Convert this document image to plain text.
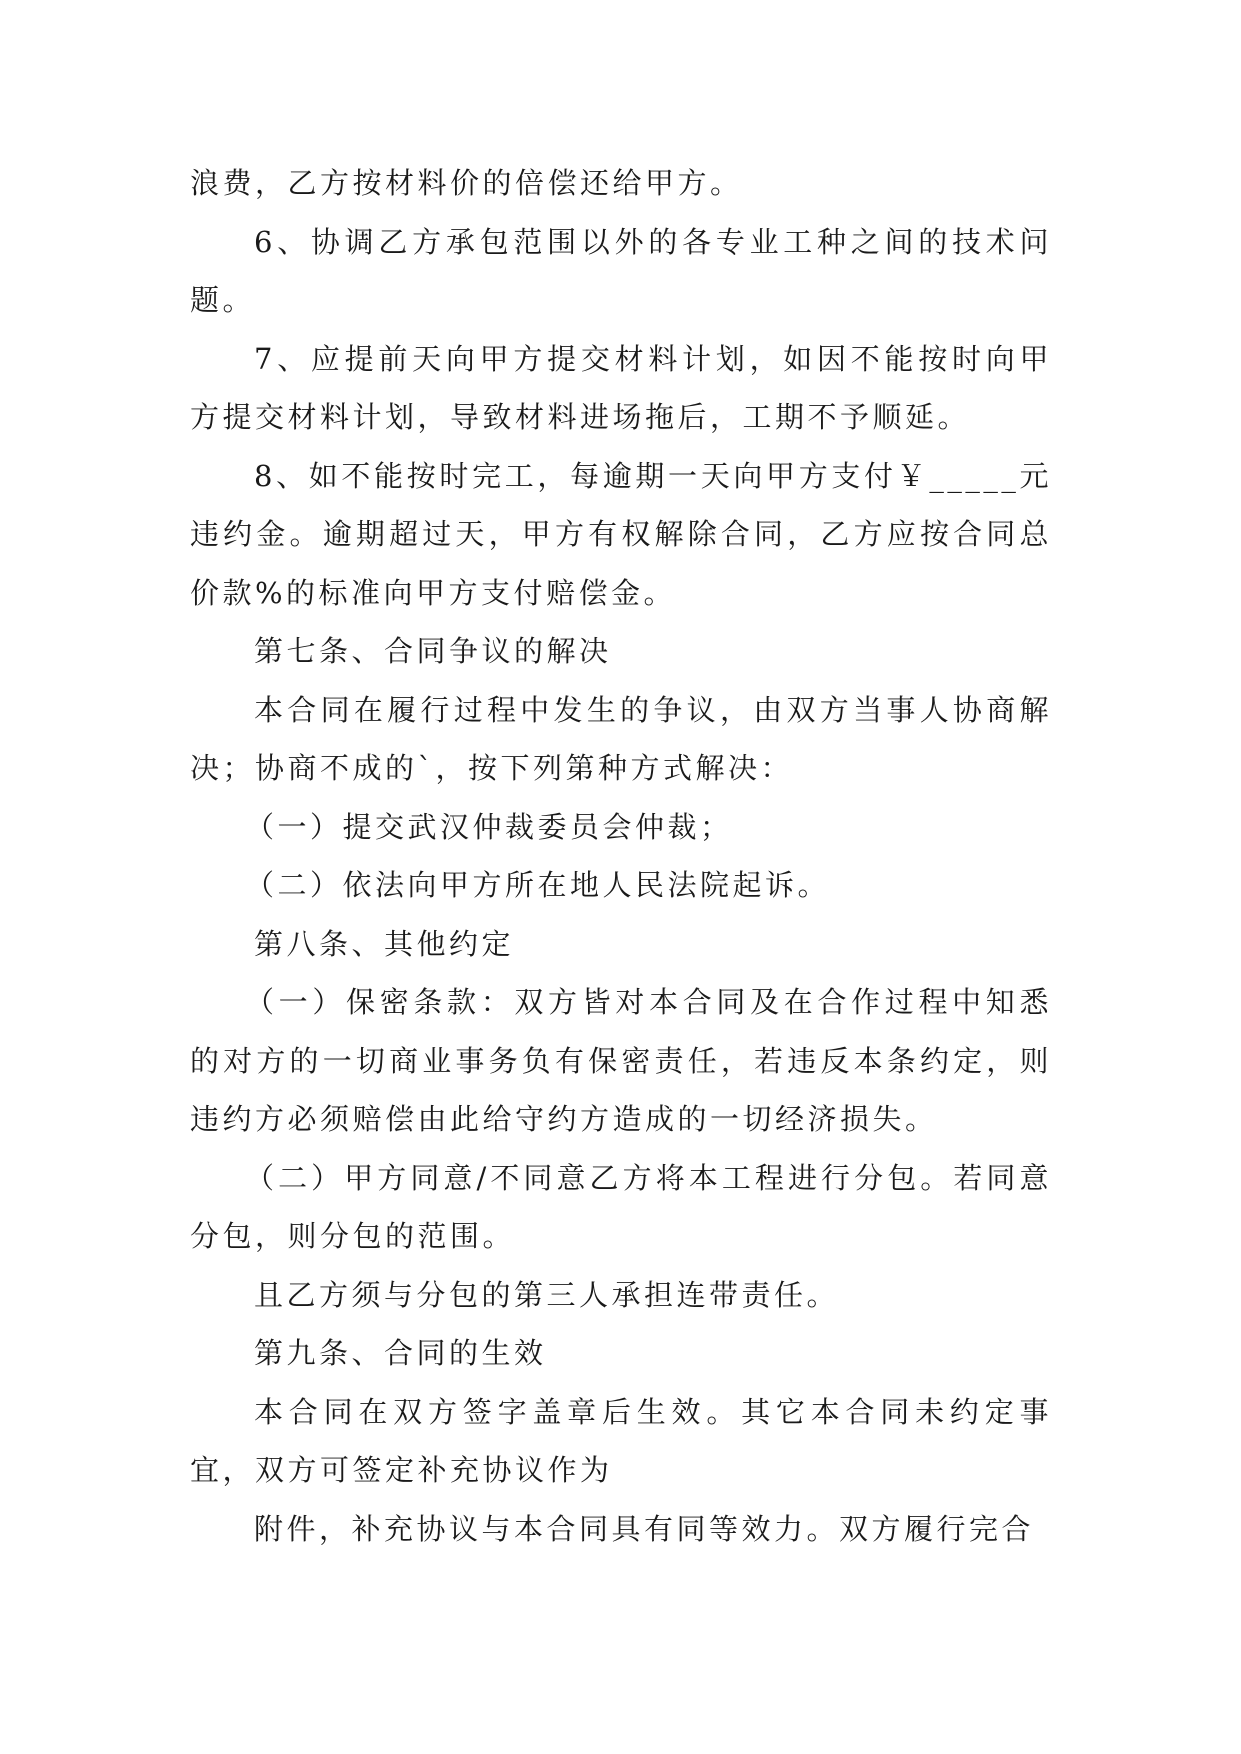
浪费，乙方按材料价的倍偿还给甲方。

6、协调乙方承包范围以外的各专业工种之间的技术问题。

7、应提前天向甲方提交材料计划，如因不能按时向甲方提交材料计划，导致材料进场拖后，工期不予顺延。

8、如不能按时完工，每逾期一天向甲方支付￥_____元违约金。逾期超过天，甲方有权解除合同，乙方应按合同总价款%的标准向甲方支付赔偿金。

第七条、合同争议的解决

本合同在履行过程中发生的争议，由双方当事人协商解决；协商不成的`，按下列第种方式解决：

（一）提交武汉仲裁委员会仲裁；

（二）依法向甲方所在地人民法院起诉。

第八条、其他约定

（一）保密条款：双方皆对本合同及在合作过程中知悉的对方的一切商业事务负有保密责任，若违反本条约定，则违约方必须赔偿由此给守约方造成的一切经济损失。

（二）甲方同意/不同意乙方将本工程进行分包。若同意分包，则分包的范围。

且乙方须与分包的第三人承担连带责任。

第九条、合同的生效

本合同在双方签字盖章后生效。其它本合同未约定事宜，双方可签定补充协议作为

附件，补充协议与本合同具有同等效力。双方履行完合
